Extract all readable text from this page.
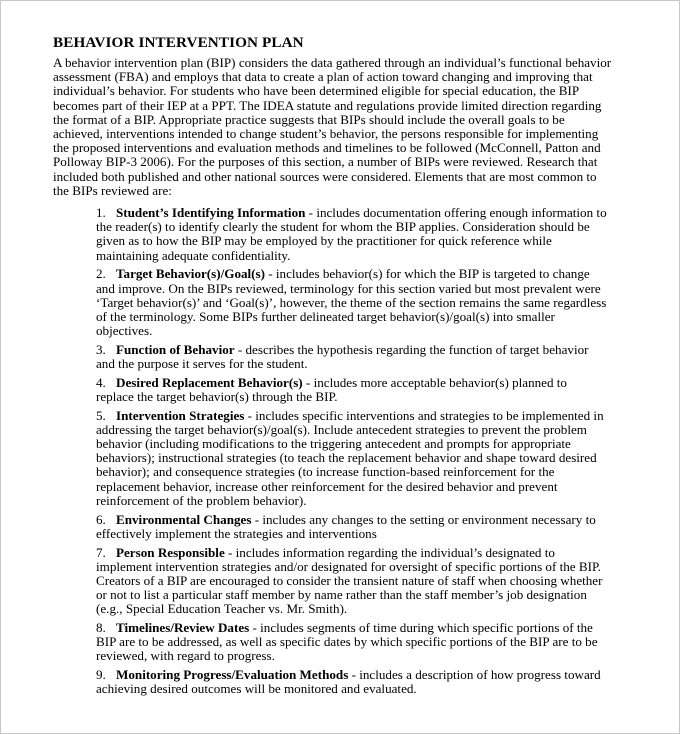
BEHAVIOR INTERVENTION PLAN

A behavior intervention plan (BIP) considers the data gathered through an individual’s functional behavior assessment (FBA) and employs that data to create a plan of action toward changing and improving that individual’s behavior. For students who have been determined eligible for special education, the BIP becomes part of their IEP at a PPT. The IDEA statute and regulations provide limited direction regarding the format of a BIP. Appropriate practice suggests that BIPs should include the overall goals to be achieved, interventions intended to change student’s behavior, the persons responsible for implementing the proposed interventions and evaluation methods and timelines to be followed (McConnell, Patton and Polloway BIP-3 2006). For the purposes of this section, a number of BIPs were reviewed. Research that included both published and other national sources were considered. Elements that are most common to the BIPs reviewed are:

1. Student’s Identifying Information - includes documentation offering enough information to the reader(s) to identify clearly the student for whom the BIP applies. Consideration should be given as to how the BIP may be employed by the practitioner for quick reference while maintaining adequate confidentiality.
2. Target Behavior(s)/Goal(s) - includes behavior(s) for which the BIP is targeted to change and improve. On the BIPs reviewed, terminology for this section varied but most prevalent were ‘Target behavior(s)’ and ‘Goal(s)’, however, the theme of the section remains the same regardless of the terminology. Some BIPs further delineated target behavior(s)/goal(s) into smaller objectives.
3. Function of Behavior - describes the hypothesis regarding the function of target behavior and the purpose it serves for the student.
4. Desired Replacement Behavior(s) - includes more acceptable behavior(s) planned to replace the target behavior(s) through the BIP.
5. Intervention Strategies - includes specific interventions and strategies to be implemented in addressing the target behavior(s)/goal(s). Include antecedent strategies to prevent the problem behavior (including modifications to the triggering antecedent and prompts for appropriate behaviors); instructional strategies (to teach the replacement behavior and shape toward desired behavior); and consequence strategies (to increase function-based reinforcement for the replacement behavior, increase other reinforcement for the desired behavior and prevent reinforcement of the problem behavior).
6. Environmental Changes - includes any changes to the setting or environment necessary to effectively implement the strategies and interventions
7. Person Responsible - includes information regarding the individual’s designated to implement intervention strategies and/or designated for oversight of specific portions of the BIP. Creators of a BIP are encouraged to consider the transient nature of staff when choosing whether or not to list a particular staff member by name rather than the staff member’s job designation (e.g., Special Education Teacher vs. Mr. Smith).
8. Timelines/Review Dates - includes segments of time during which specific portions of the BIP are to be addressed, as well as specific dates by which specific portions of the BIP are to be reviewed, with regard to progress.
9. Monitoring Progress/Evaluation Methods - includes a description of how progress toward achieving desired outcomes will be monitored and evaluated.
